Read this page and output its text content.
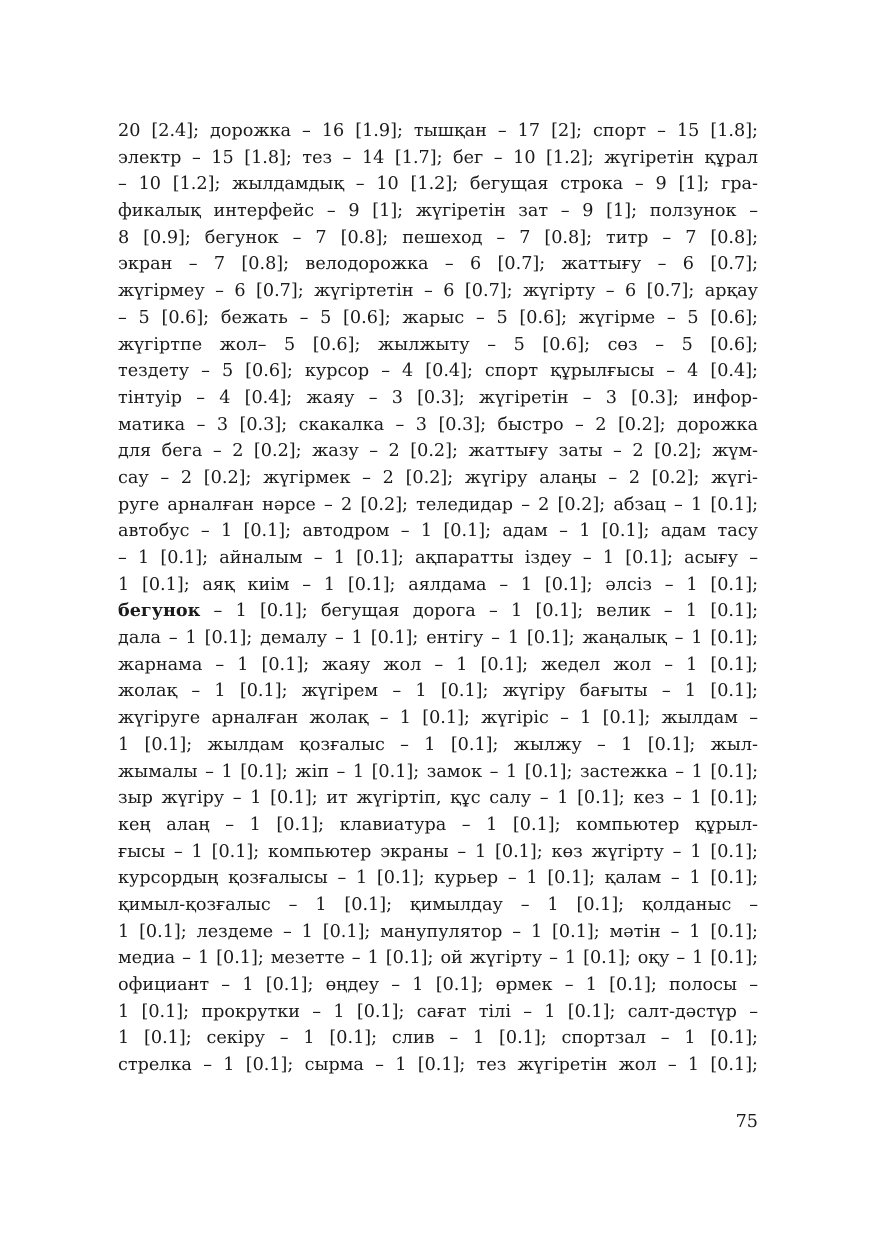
20 [2.4]; дорожка – 16 [1.9]; тышқан – 17 [2]; спорт – 15 [1.8];
электр – 15 [1.8]; тез – 14 [1.7]; бег – 10 [1.2]; жүгіретін құрал
– 10 [1.2]; жылдамдық – 10 [1.2]; бегущая строка – 9 [1]; гра-
фикалық интерфейс – 9 [1]; жүгіретін зат – 9 [1]; ползунок –
8 [0.9]; бегунок – 7 [0.8]; пешеход – 7 [0.8]; титр – 7 [0.8];
экран – 7 [0.8]; велодорожка – 6 [0.7]; жаттығу – 6 [0.7];
жүгірмеу – 6 [0.7]; жүгіртетін – 6 [0.7]; жүгірту – 6 [0.7]; арқау
– 5 [0.6]; бежать – 5 [0.6]; жарыс – 5 [0.6]; жүгірме – 5 [0.6];
жүгіртпе жол– 5 [0.6]; жылжыту – 5 [0.6]; сөз – 5 [0.6];
тездету – 5 [0.6]; курсор – 4 [0.4]; спорт құрылғысы – 4 [0.4];
тінтуір – 4 [0.4]; жаяу – 3 [0.3]; жүгіретін – 3 [0.3]; инфор-
матика – 3 [0.3]; скакалка – 3 [0.3]; быстро – 2 [0.2]; дорожка
для бега – 2 [0.2]; жазу – 2 [0.2]; жаттығу заты – 2 [0.2]; жүм-
сау – 2 [0.2]; жүгірмек – 2 [0.2]; жүгіру алаңы – 2 [0.2]; жүгі-
руге арналған нәрсе – 2 [0.2]; теледидар – 2 [0.2]; абзац – 1 [0.1];
автобус – 1 [0.1]; автодром – 1 [0.1]; адам – 1 [0.1]; адам тасу
– 1 [0.1]; айналым – 1 [0.1]; ақпаратты іздеу – 1 [0.1]; асығу –
1 [0.1]; аяқ киім – 1 [0.1]; аялдама – 1 [0.1]; әлсіз – 1 [0.1];
бегунок – 1 [0.1]; бегущая дорога – 1 [0.1]; велик – 1 [0.1];
дала – 1 [0.1]; демалу – 1 [0.1]; ентігу – 1 [0.1]; жаңалық – 1 [0.1];
жарнама – 1 [0.1]; жаяу жол – 1 [0.1]; жедел жол – 1 [0.1];
жолақ – 1 [0.1]; жүгірем – 1 [0.1]; жүгіру бағыты – 1 [0.1];
жүгіруге арналған жолақ – 1 [0.1]; жүгіріс – 1 [0.1]; жылдам –
1 [0.1]; жылдам қозғалыс – 1 [0.1]; жылжу – 1 [0.1]; жыл-
жымалы – 1 [0.1]; жіп – 1 [0.1]; замок – 1 [0.1]; застежка – 1 [0.1];
зыр жүгіру – 1 [0.1]; ит жүгіртіп, құс салу – 1 [0.1]; кез – 1 [0.1];
кең алаң – 1 [0.1]; клавиатура – 1 [0.1]; компьютер құрыл-
ғысы – 1 [0.1]; компьютер экраны – 1 [0.1]; көз жүгірту – 1 [0.1];
курсордың қозғалысы – 1 [0.1]; курьер – 1 [0.1]; қалам – 1 [0.1];
қимыл-қозғалыс – 1 [0.1]; қимылдау – 1 [0.1]; қолданыс –
1 [0.1]; лездеме – 1 [0.1]; манупулятор – 1 [0.1]; мәтін – 1 [0.1];
медиа – 1 [0.1]; мезетте – 1 [0.1]; ой жүгірту – 1 [0.1]; оқу – 1 [0.1];
официант – 1 [0.1]; өңдеу – 1 [0.1]; өрмек – 1 [0.1]; полосы –
1 [0.1]; прокрутки – 1 [0.1]; сағат тілі – 1 [0.1]; салт-дәстүр –
1 [0.1]; секіру – 1 [0.1]; слив – 1 [0.1]; спортзал – 1 [0.1];
стрелка – 1 [0.1]; сырма – 1 [0.1]; тез жүгіретін жол – 1 [0.1];
75
